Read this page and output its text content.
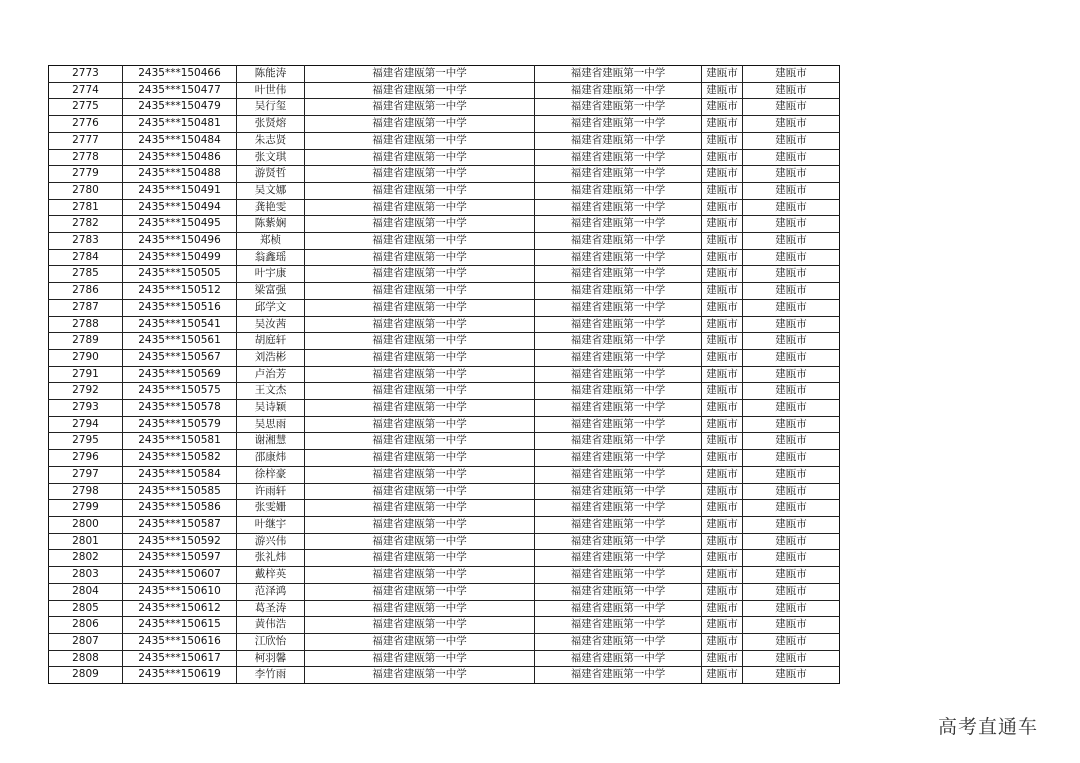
2773	2435***150466	陈能涛	福建省建瓯第一中学	福建省建瓯第一中学	建瓯市	建瓯市
2774	2435***150477	叶世伟	福建省建瓯第一中学	福建省建瓯第一中学	建瓯市	建瓯市
2775	2435***150479	吴行玺	福建省建瓯第一中学	福建省建瓯第一中学	建瓯市	建瓯市
2776	2435***150481	张贤熔	福建省建瓯第一中学	福建省建瓯第一中学	建瓯市	建瓯市
2777	2435***150484	朱志贤	福建省建瓯第一中学	福建省建瓯第一中学	建瓯市	建瓯市
2778	2435***150486	张文琪	福建省建瓯第一中学	福建省建瓯第一中学	建瓯市	建瓯市
2779	2435***150488	游贤哲	福建省建瓯第一中学	福建省建瓯第一中学	建瓯市	建瓯市
2780	2435***150491	吴文娜	福建省建瓯第一中学	福建省建瓯第一中学	建瓯市	建瓯市
2781	2435***150494	龚艳雯	福建省建瓯第一中学	福建省建瓯第一中学	建瓯市	建瓯市
2782	2435***150495	陈紫娴	福建省建瓯第一中学	福建省建瓯第一中学	建瓯市	建瓯市
2783	2435***150496	郑桢	福建省建瓯第一中学	福建省建瓯第一中学	建瓯市	建瓯市
2784	2435***150499	翁鑫瑶	福建省建瓯第一中学	福建省建瓯第一中学	建瓯市	建瓯市
2785	2435***150505	叶宇康	福建省建瓯第一中学	福建省建瓯第一中学	建瓯市	建瓯市
2786	2435***150512	梁富强	福建省建瓯第一中学	福建省建瓯第一中学	建瓯市	建瓯市
2787	2435***150516	邱学文	福建省建瓯第一中学	福建省建瓯第一中学	建瓯市	建瓯市
2788	2435***150541	吴汝茜	福建省建瓯第一中学	福建省建瓯第一中学	建瓯市	建瓯市
2789	2435***150561	胡庭轩	福建省建瓯第一中学	福建省建瓯第一中学	建瓯市	建瓯市
2790	2435***150567	刘浩彬	福建省建瓯第一中学	福建省建瓯第一中学	建瓯市	建瓯市
2791	2435***150569	卢治芳	福建省建瓯第一中学	福建省建瓯第一中学	建瓯市	建瓯市
2792	2435***150575	王文杰	福建省建瓯第一中学	福建省建瓯第一中学	建瓯市	建瓯市
2793	2435***150578	吴诗颖	福建省建瓯第一中学	福建省建瓯第一中学	建瓯市	建瓯市
2794	2435***150579	吴思雨	福建省建瓯第一中学	福建省建瓯第一中学	建瓯市	建瓯市
2795	2435***150581	谢湘慧	福建省建瓯第一中学	福建省建瓯第一中学	建瓯市	建瓯市
2796	2435***150582	邵康炜	福建省建瓯第一中学	福建省建瓯第一中学	建瓯市	建瓯市
2797	2435***150584	徐梓豪	福建省建瓯第一中学	福建省建瓯第一中学	建瓯市	建瓯市
2798	2435***150585	许雨轩	福建省建瓯第一中学	福建省建瓯第一中学	建瓯市	建瓯市
2799	2435***150586	张雯姗	福建省建瓯第一中学	福建省建瓯第一中学	建瓯市	建瓯市
2800	2435***150587	叶继宇	福建省建瓯第一中学	福建省建瓯第一中学	建瓯市	建瓯市
2801	2435***150592	游兴伟	福建省建瓯第一中学	福建省建瓯第一中学	建瓯市	建瓯市
2802	2435***150597	张礼炜	福建省建瓯第一中学	福建省建瓯第一中学	建瓯市	建瓯市
2803	2435***150607	戴梓英	福建省建瓯第一中学	福建省建瓯第一中学	建瓯市	建瓯市
2804	2435***150610	范泽鸿	福建省建瓯第一中学	福建省建瓯第一中学	建瓯市	建瓯市
2805	2435***150612	葛圣涛	福建省建瓯第一中学	福建省建瓯第一中学	建瓯市	建瓯市
2806	2435***150615	黄伟浩	福建省建瓯第一中学	福建省建瓯第一中学	建瓯市	建瓯市
2807	2435***150616	江欣怡	福建省建瓯第一中学	福建省建瓯第一中学	建瓯市	建瓯市
2808	2435***150617	柯羽馨	福建省建瓯第一中学	福建省建瓯第一中学	建瓯市	建瓯市
2809	2435***150619	李竹雨	福建省建瓯第一中学	福建省建瓯第一中学	建瓯市	建瓯市
高考直通车
